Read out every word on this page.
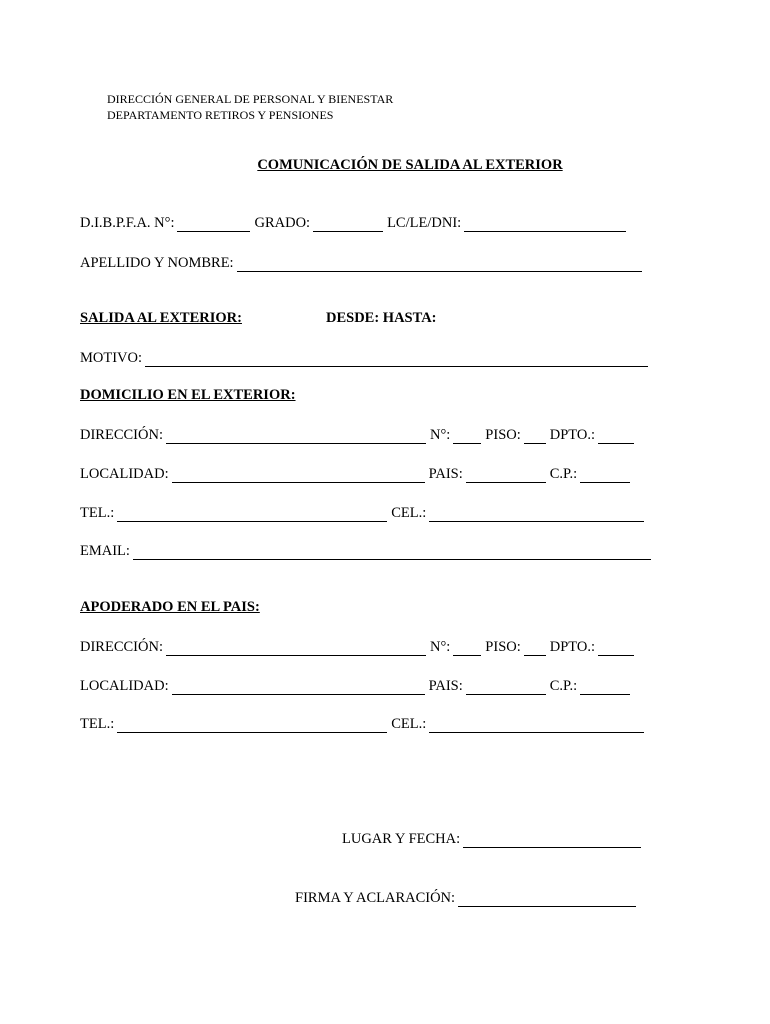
DIRECCIÓN GENERAL DE PERSONAL Y BIENESTAR
DEPARTAMENTO RETIROS Y PENSIONES
COMUNICACIÓN DE SALIDA AL EXTERIOR
D.I.B.P.F.A. N°:	GRADO:	LC/LE/DNI:
APELLIDO Y NOMBRE:
SALIDA AL EXTERIOR:	DESDE: HASTA:
MOTIVO:
DOMICILIO EN EL EXTERIOR:
DIRECCIÓN:	N°: PISO: DPTO.:
LOCALIDAD:	PAIS:	C.P.:
TEL.:	CEL.:
EMAIL:
APODERADO EN EL PAIS:
DIRECCIÓN:	N°: PISO: DPTO.:
LOCALIDAD:	PAIS:	C.P.:
TEL.:	CEL.:
LUGAR Y FECHA:
FIRMA Y ACLARACIÓN:
